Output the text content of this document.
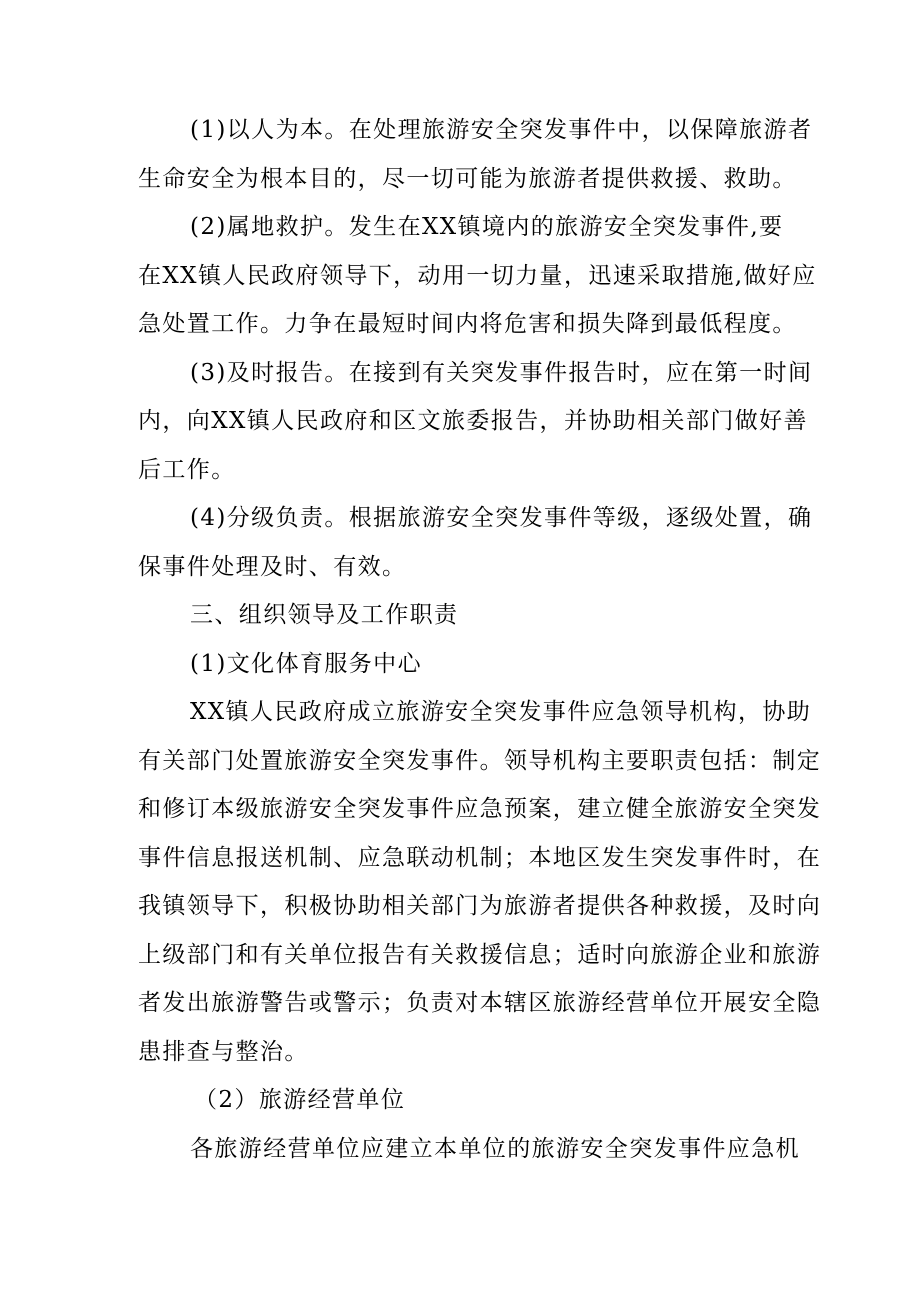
(1)以人为本。在处理旅游安全突发事件中，以保障旅游者
生命安全为根本目的，尽一切可能为旅游者提供救援、救助。
(2)属地救护。发生在XX镇境内的旅游安全突发事件,要
在XX镇人民政府领导下，动用一切力量，迅速采取措施,做好应
急处置工作。力争在最短时间内将危害和损失降到最低程度。
(3)及时报告。在接到有关突发事件报告时，应在第一时间
内，向XX镇人民政府和区文旅委报告，并协助相关部门做好善
后工作。
(4)分级负责。根据旅游安全突发事件等级，逐级处置，确
保事件处理及时、有效。
三、组织领导及工作职责
(1)文化体育服务中心
XX镇人民政府成立旅游安全突发事件应急领导机构，协助
有关部门处置旅游安全突发事件。领导机构主要职责包括：制定
和修订本级旅游安全突发事件应急预案，建立健全旅游安全突发
事件信息报送机制、应急联动机制；本地区发生突发事件时，在
我镇领导下，积极协助相关部门为旅游者提供各种救援，及时向
上级部门和有关单位报告有关救援信息；适时向旅游企业和旅游
者发出旅游警告或警示；负责对本辖区旅游经营单位开展安全隐
患排查与整治。
（2）旅游经营单位
各旅游经营单位应建立本单位的旅游安全突发事件应急机
